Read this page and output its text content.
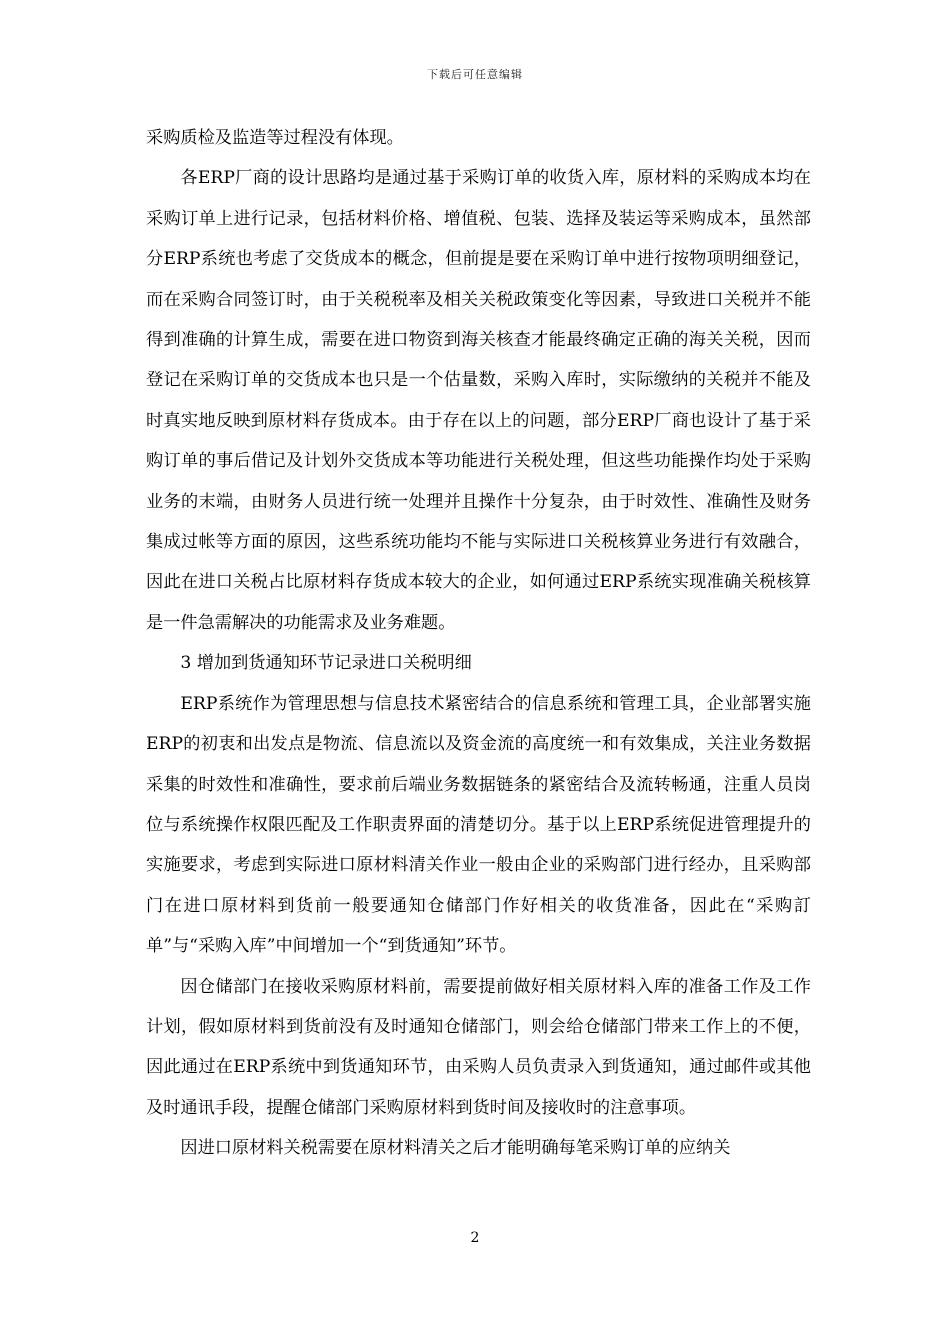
下载后可任意编辑

采购质检及监造等过程没有体现。

各ERP厂商的设计思路均是通过基于采购订单的收货入库，原材料的采购成本均在采购订单上进行记录，包括材料价格、增值税、包装、选择及装运等采购成本，虽然部分ERP系统也考虑了交货成本的概念，但前提是要在采购订单中进行按物项明细登记，而在采购合同签订时，由于关税税率及相关关税政策变化等因素，导致进口关税并不能得到准确的计算生成，需要在进口物资到海关核查才能最终确定正确的海关关税，因而登记在采购订单的交货成本也只是一个估量数，采购入库时，实际缴纳的关税并不能及时真实地反映到原材料存货成本。由于存在以上的问题，部分ERP厂商也设计了基于采购订单的事后借记及计划外交货成本等功能进行关税处理，但这些功能操作均处于采购业务的末端，由财务人员进行统一处理并且操作十分复杂，由于时效性、准确性及财务集成过帐等方面的原因，这些系统功能均不能与实际进口关税核算业务进行有效融合，因此在进口关税占比原材料存货成本较大的企业，如何通过ERP系统实现准确关税核算是一件急需解决的功能需求及业务难题。

3 增加到货通知环节记录进口关税明细

ERP系统作为管理思想与信息技术紧密结合的信息系统和管理工具，企业部署实施ERP的初衷和出发点是物流、信息流以及资金流的高度统一和有效集成，关注业务数据采集的时效性和准确性，要求前后端业务数据链条的紧密结合及流转畅通，注重人员岗位与系统操作权限匹配及工作职责界面的清楚切分。基于以上ERP系统促进管理提升的实施要求，考虑到实际进口原材料清关作业一般由企业的采购部门进行经办，且采购部门在进口原材料到货前一般要通知仓储部门作好相关的收货准备，因此在“采购訂单”与“采购入库”中间增加一个“到货通知”环节。

因仓储部门在接收采购原材料前，需要提前做好相关原材料入库的准备工作及工作计划，假如原材料到货前没有及时通知仓储部门，则会给仓储部门带来工作上的不便，因此通过在ERP系统中到货通知环节，由采购人员负责录入到货通知，通过邮件或其他及时通讯手段，提醒仓储部门采购原材料到货时间及接收时的注意事项。

因进口原材料关税需要在原材料清关之后才能明确每笔采购订单的应纳关

2
